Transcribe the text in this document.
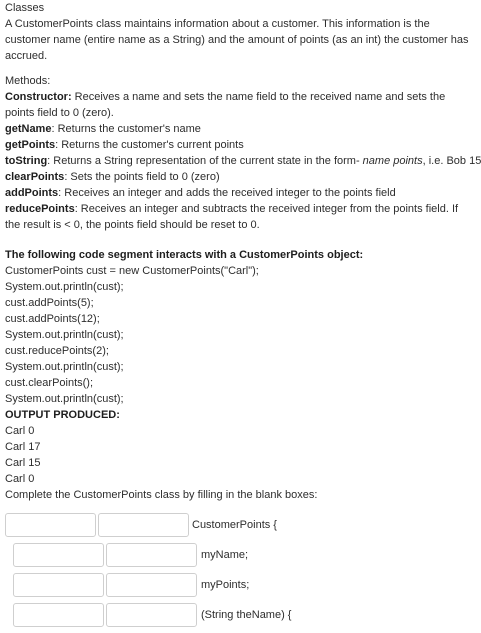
Classes
A CustomerPoints class maintains information about a customer. This information is the customer name (entire name as a String) and the amount of points (as an int) the customer has accrued.
Methods:
Constructor: Receives a name and sets the name field to the received name and sets the points field to 0 (zero).
getName: Returns the customer's name
getPoints: Returns the customer's current points
toString: Returns a String representation of the current state in the form- name points, i.e. Bob 15
clearPoints: Sets the points field to 0 (zero)
addPoints: Receives an integer and adds the received integer to the points field
reducePoints: Receives an integer and subtracts the received integer from the points field. If the result is < 0, the points field should be reset to 0.
The following code segment interacts with a CustomerPoints object:
CustomerPoints cust = new CustomerPoints("Carl");
System.out.println(cust);
cust.addPoints(5);
cust.addPoints(12);
System.out.println(cust);
cust.reducePoints(2);
System.out.println(cust);
cust.clearPoints();
System.out.println(cust);
OUTPUT PRODUCED:
Carl 0
Carl 17
Carl 15
Carl 0
Complete the CustomerPoints class by filling in the blank boxes:
CustomerPoints {
myName;
myPoints;
(String theName) {
